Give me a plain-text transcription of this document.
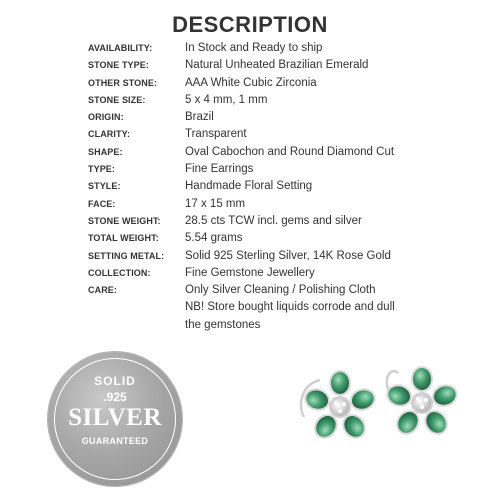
DESCRIPTION
AVAILABILITY:	In Stock and Ready to ship
STONE TYPE:	Natural Unheated Brazilian Emerald
OTHER STONE:	AAA White Cubic Zirconia
STONE SIZE:	5 x 4 mm, 1 mm
ORIGIN:	Brazil
CLARITY:	Transparent
SHAPE:	Oval Cabochon and Round Diamond Cut
TYPE:	Fine Earrings
STYLE:	Handmade Floral Setting
FACE:	17 x 15 mm
STONE WEIGHT:	28.5 cts TCW incl. gems and silver
TOTAL WEIGHT:	5.54 grams
SETTING METAL:	Solid 925 Sterling Silver, 14K Rose Gold
COLLECTION:	Fine Gemstone Jewellery
CARE:	Only Silver Cleaning / Polishing Cloth
NB! Store bought liquids corrode and dull
the gemstones
SOLID
.925
SILVER
GUARANTEED
